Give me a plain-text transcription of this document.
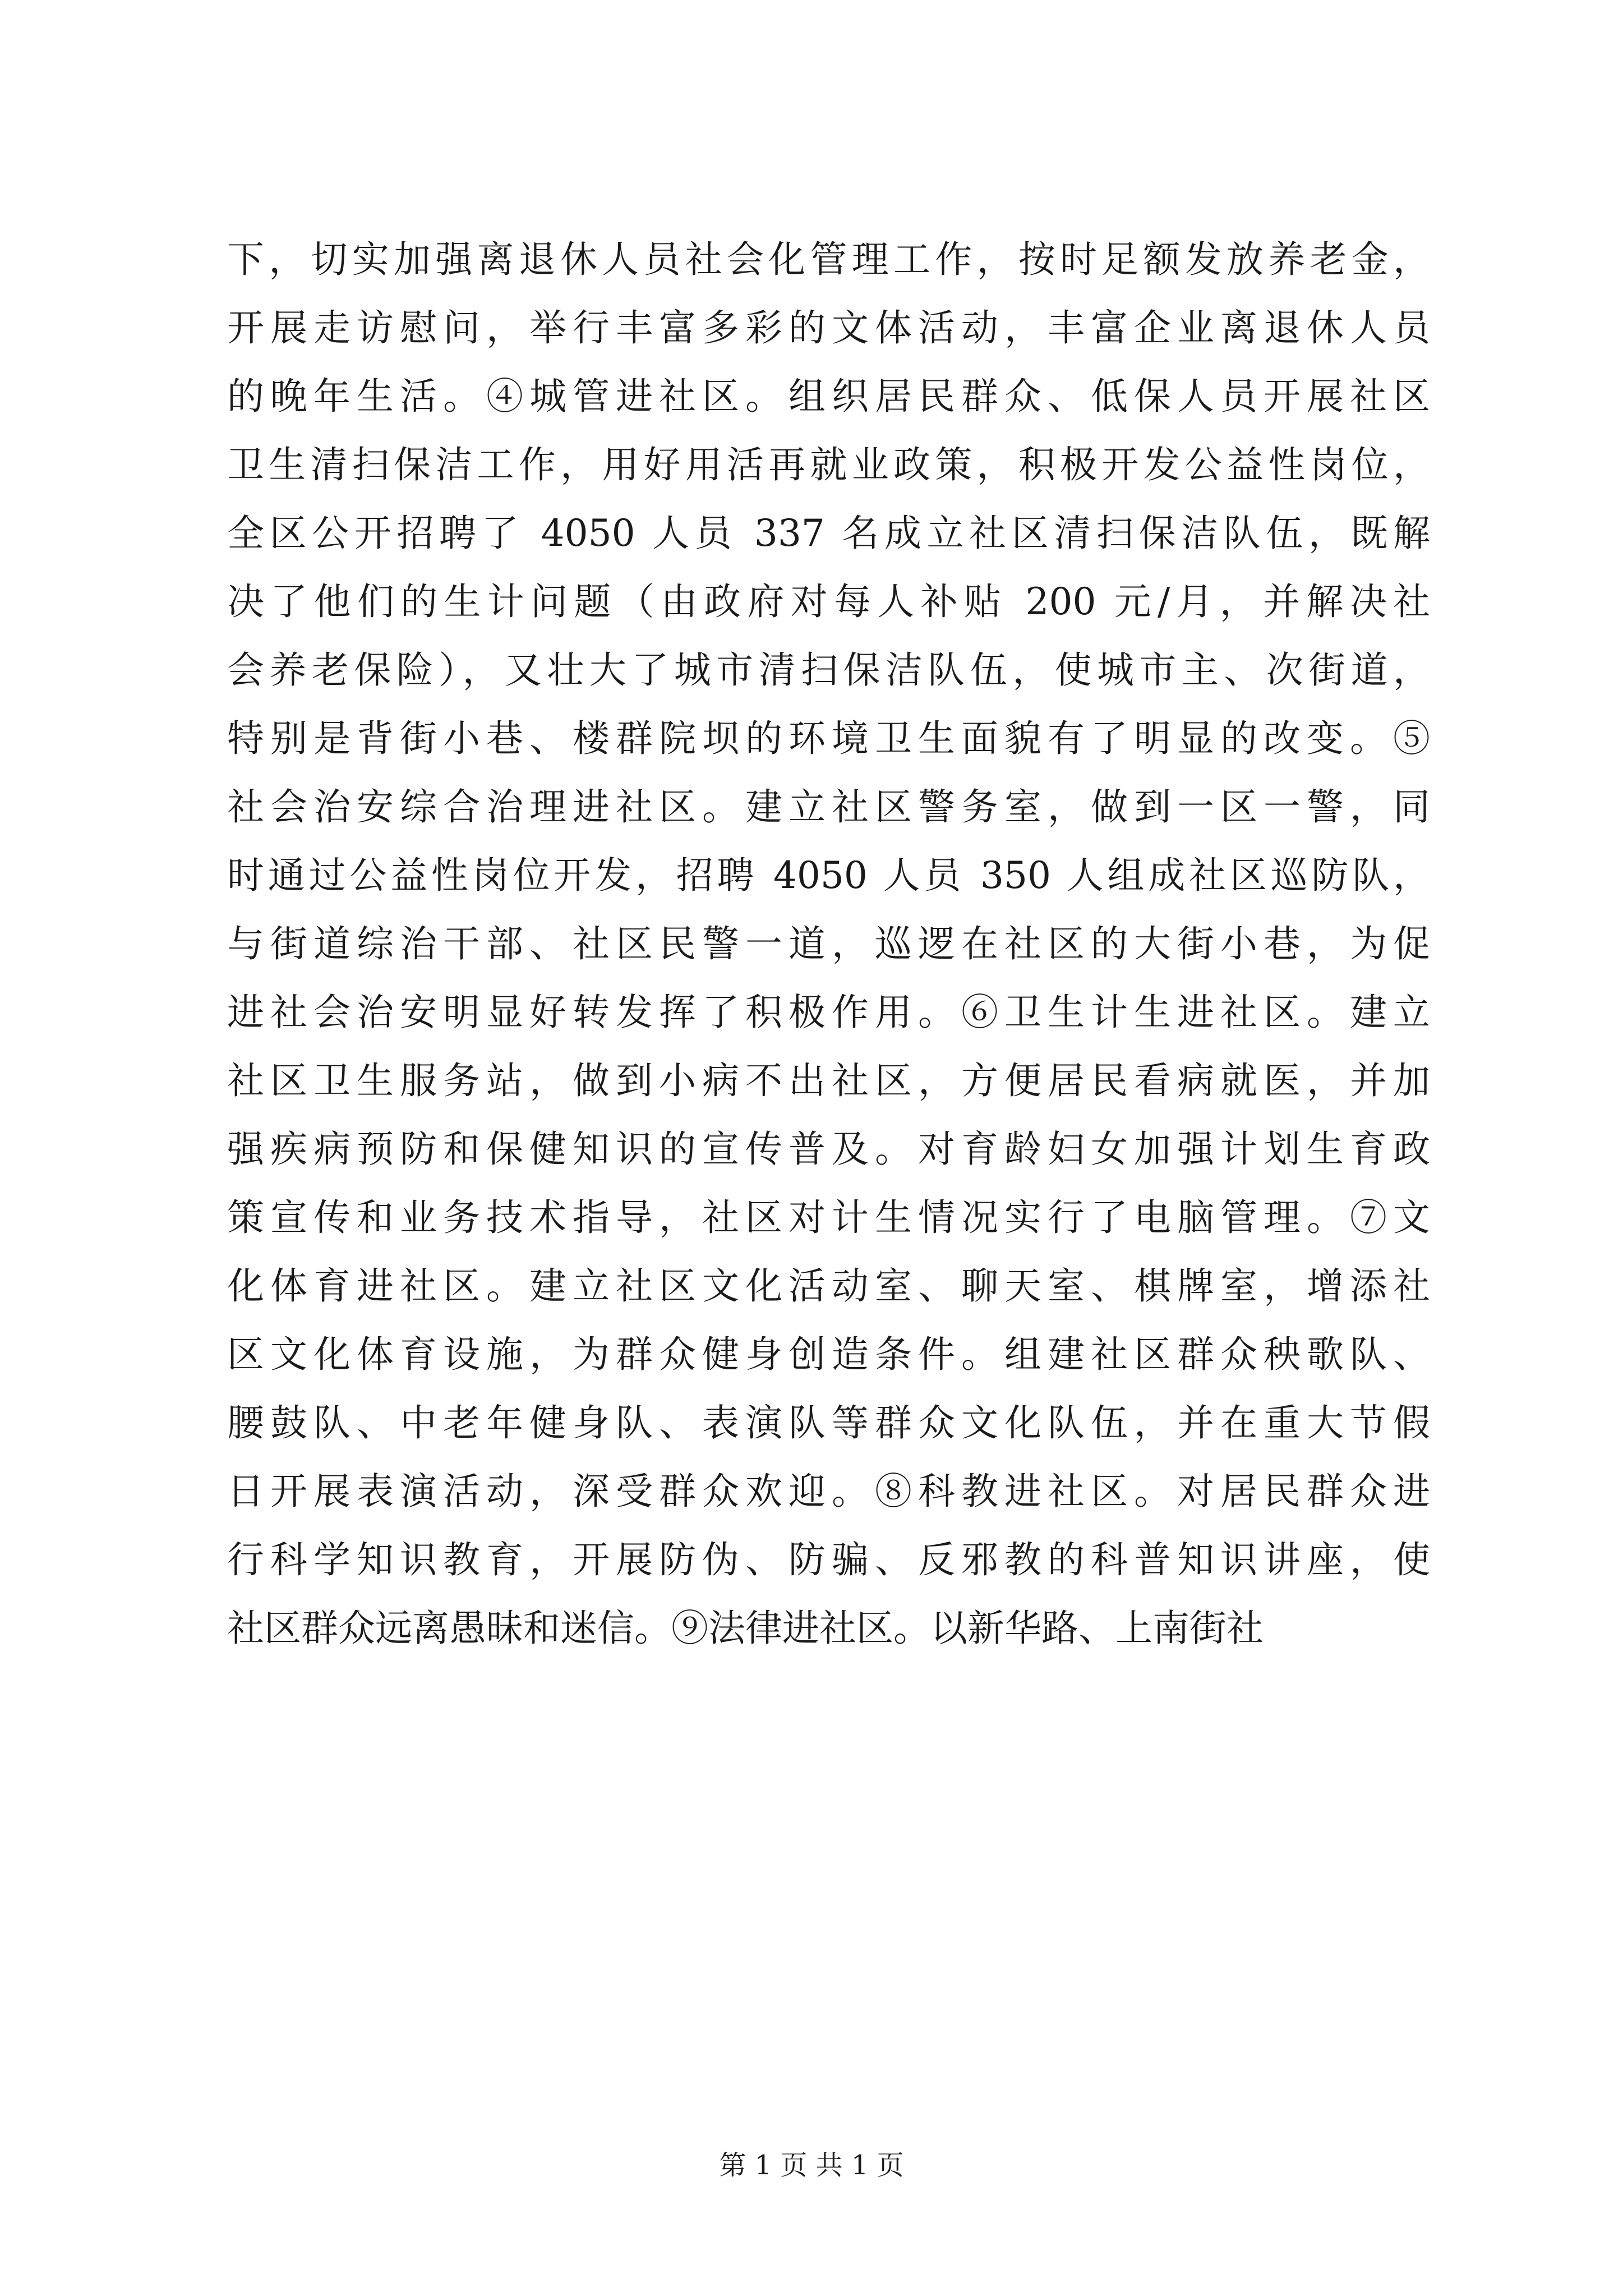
下，切实加强离退休人员社会化管理工作，按时足额发放养老金，
开展走访慰问，举行丰富多彩的文体活动，丰富企业离退休人员
的晚年生活。④城管进社区。组织居民群众、低保人员开展社区
卫生清扫保洁工作，用好用活再就业政策，积极开发公益性岗位，
全区公开招聘了 4050 人员 337 名成立社区清扫保洁队伍，既解
决了他们的生计问题（由政府对每人补贴 200 元/月，并解决社
会养老保险），又壮大了城市清扫保洁队伍，使城市主、次街道，
特别是背街小巷、楼群院坝的环境卫生面貌有了明显的改变。⑤
社会治安综合治理进社区。建立社区警务室，做到一区一警，同
时通过公益性岗位开发，招聘 4050 人员 350 人组成社区巡防队，
与街道综治干部、社区民警一道，巡逻在社区的大街小巷，为促
进社会治安明显好转发挥了积极作用。⑥卫生计生进社区。建立
社区卫生服务站，做到小病不出社区，方便居民看病就医，并加
强疾病预防和保健知识的宣传普及。对育龄妇女加强计划生育政
策宣传和业务技术指导，社区对计生情况实行了电脑管理。⑦文
化体育进社区。建立社区文化活动室、聊天室、棋牌室，增添社
区文化体育设施，为群众健身创造条件。组建社区群众秧歌队、
腰鼓队、中老年健身队、表演队等群众文化队伍，并在重大节假
日开展表演活动，深受群众欢迎。⑧科教进社区。对居民群众进
行科学知识教育，开展防伪、防骗、反邪教的科普知识讲座，使
社区群众远离愚昧和迷信。⑨法律进社区。以新华路、上南街社
第 1 页 共 1 页
